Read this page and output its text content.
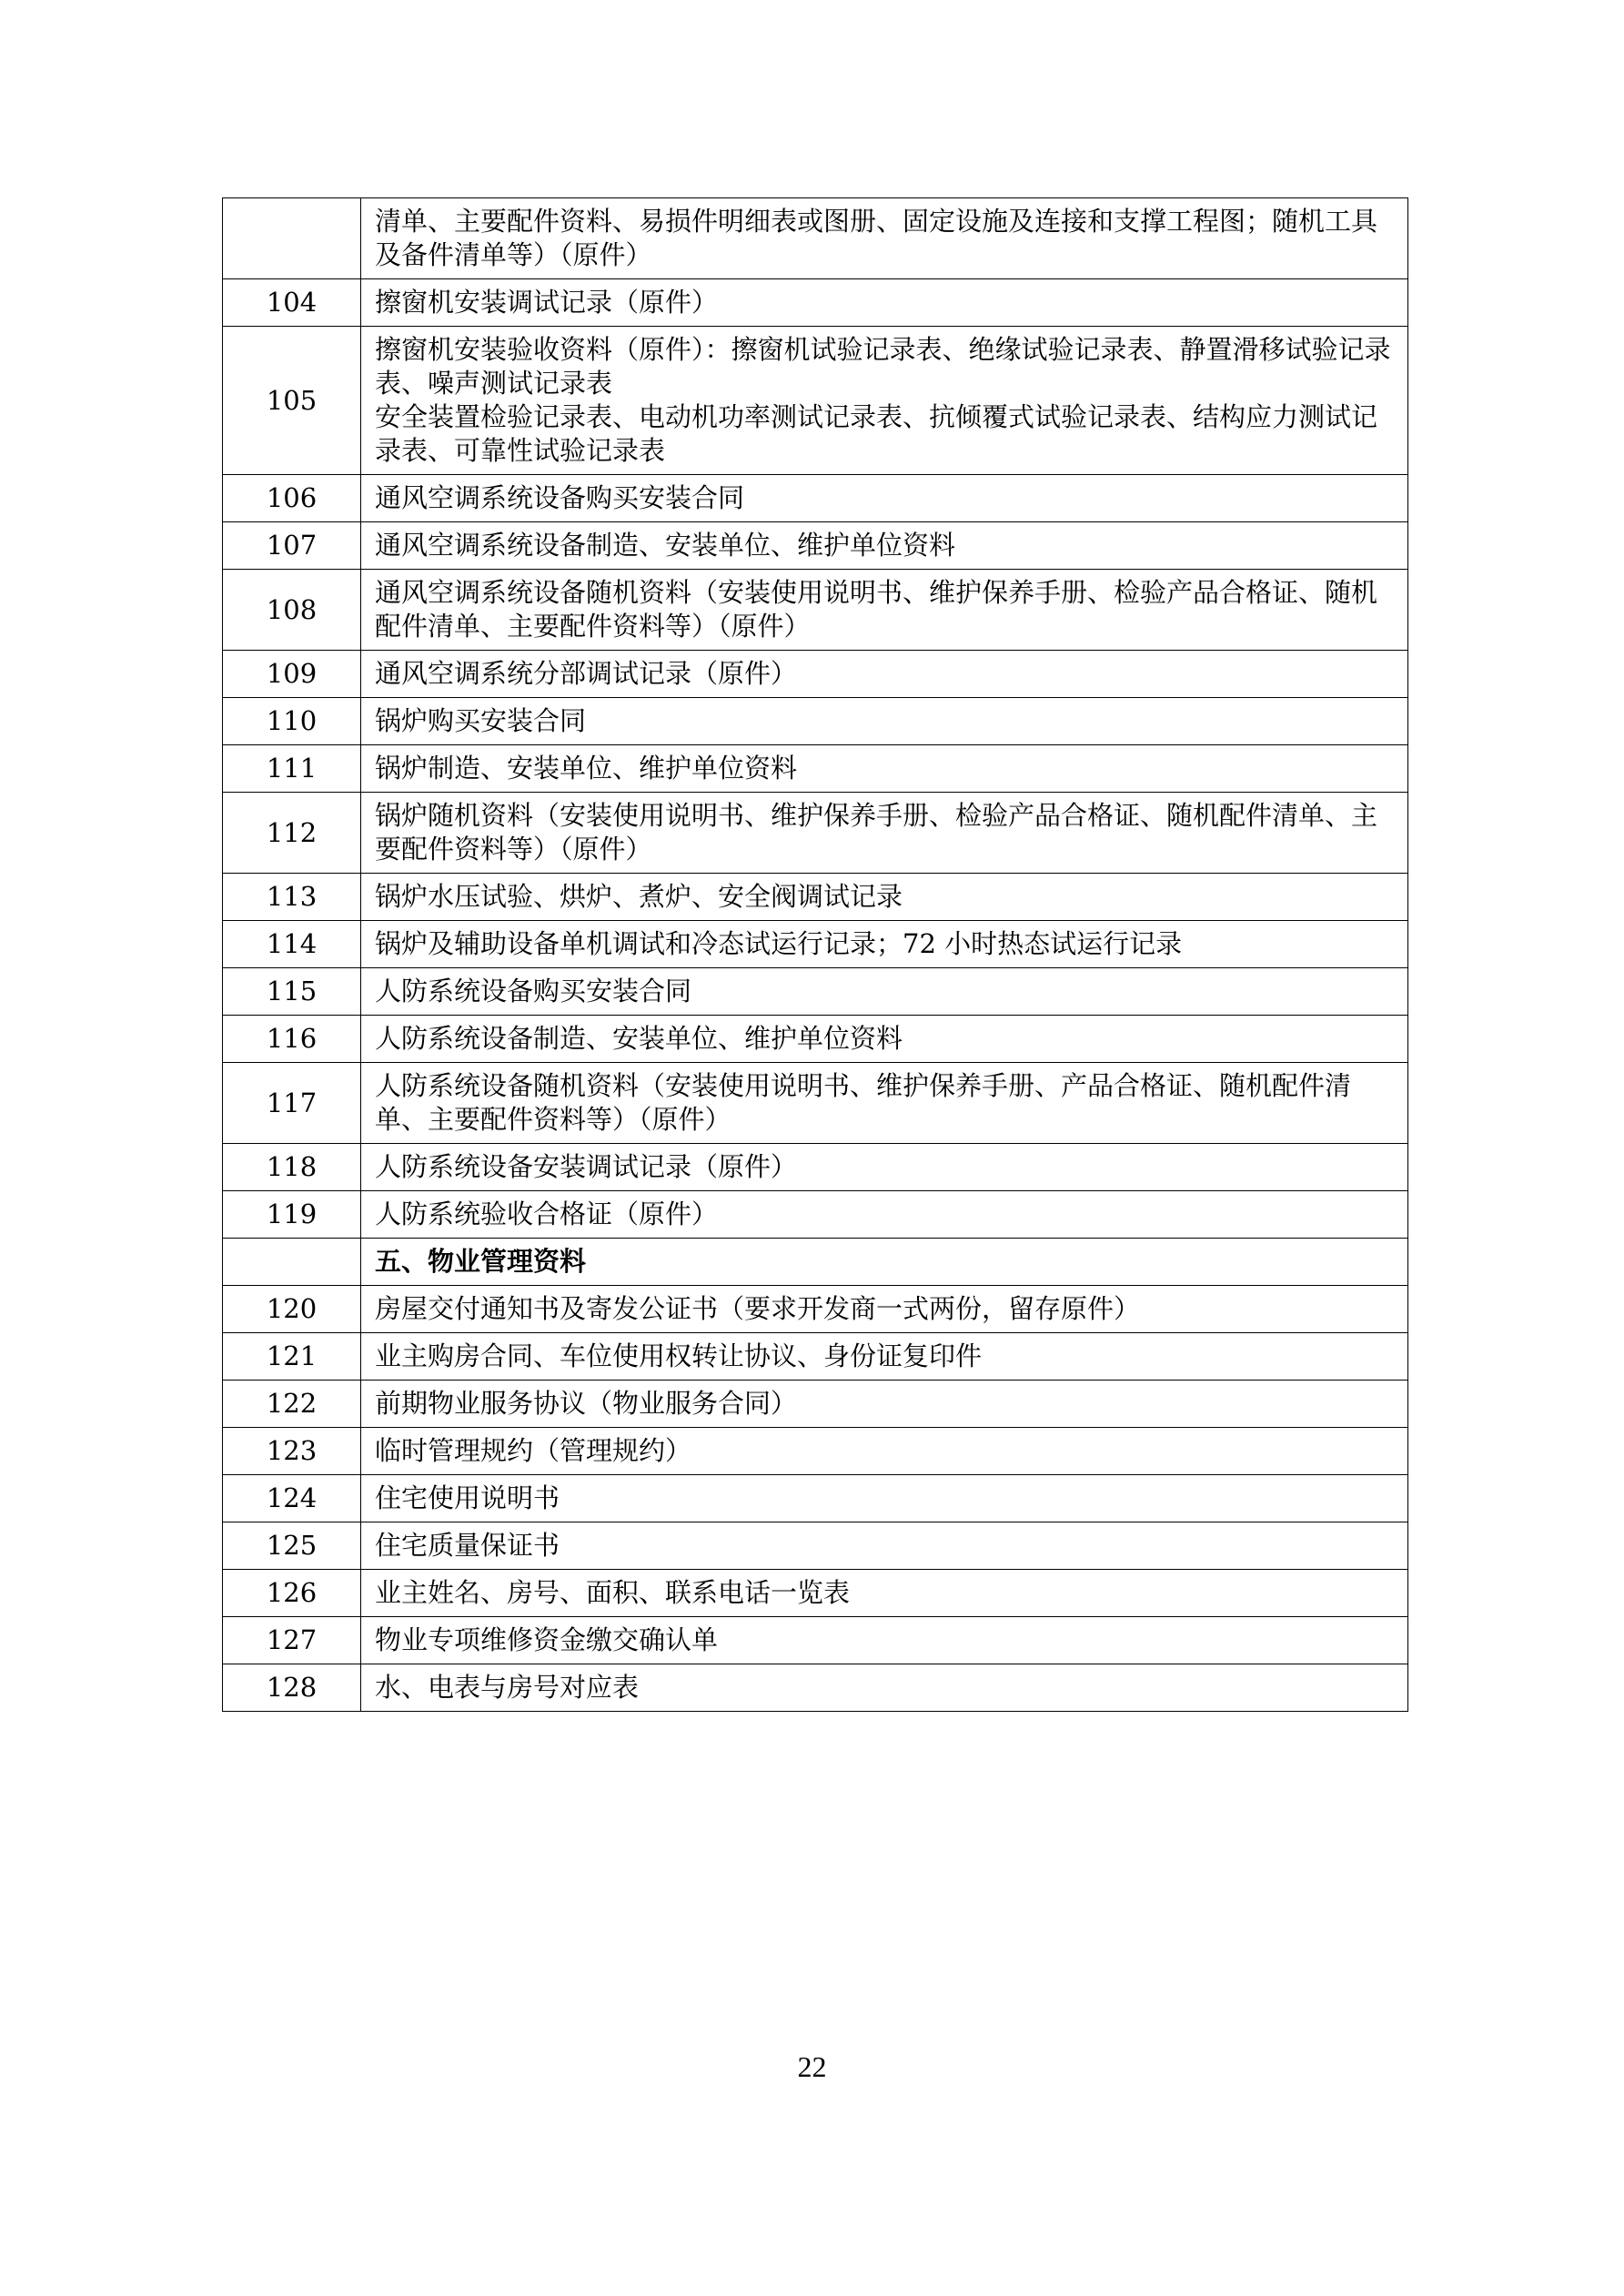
	清单、主要配件资料、易损件明细表或图册、固定设施及连接和支撑工程图；随机工具及备件清单等）（原件）
104	擦窗机安装调试记录（原件）
105	擦窗机安装验收资料（原件）：擦窗机试验记录表、绝缘试验记录表、静置滑移试验记录表、噪声测试记录表
安全装置检验记录表、电动机功率测试记录表、抗倾覆式试验记录表、结构应力测试记录表、可靠性试验记录表
106	通风空调系统设备购买安装合同
107	通风空调系统设备制造、安装单位、维护单位资料
108	通风空调系统设备随机资料（安装使用说明书、维护保养手册、检验产品合格证、随机配件清单、主要配件资料等）（原件）
109	通风空调系统分部调试记录（原件）
110	锅炉购买安装合同
111	锅炉制造、安装单位、维护单位资料
112	锅炉随机资料（安装使用说明书、维护保养手册、检验产品合格证、随机配件清单、主要配件资料等）（原件）
113	锅炉水压试验、烘炉、煮炉、安全阀调试记录
114	锅炉及辅助设备单机调试和冷态试运行记录；72 小时热态试运行记录
115	人防系统设备购买安装合同
116	人防系统设备制造、安装单位、维护单位资料
117	人防系统设备随机资料（安装使用说明书、维护保养手册、产品合格证、随机配件清单、主要配件资料等）（原件）
118	人防系统设备安装调试记录（原件）
119	人防系统验收合格证（原件）
	五、物业管理资料
120	房屋交付通知书及寄发公证书（要求开发商一式两份，留存原件）
121	业主购房合同、车位使用权转让协议、身份证复印件
122	前期物业服务协议（物业服务合同）
123	临时管理规约（管理规约）
124	住宅使用说明书
125	住宅质量保证书
126	业主姓名、房号、面积、联系电话一览表
127	物业专项维修资金缴交确认单
128	水、电表与房号对应表
22
